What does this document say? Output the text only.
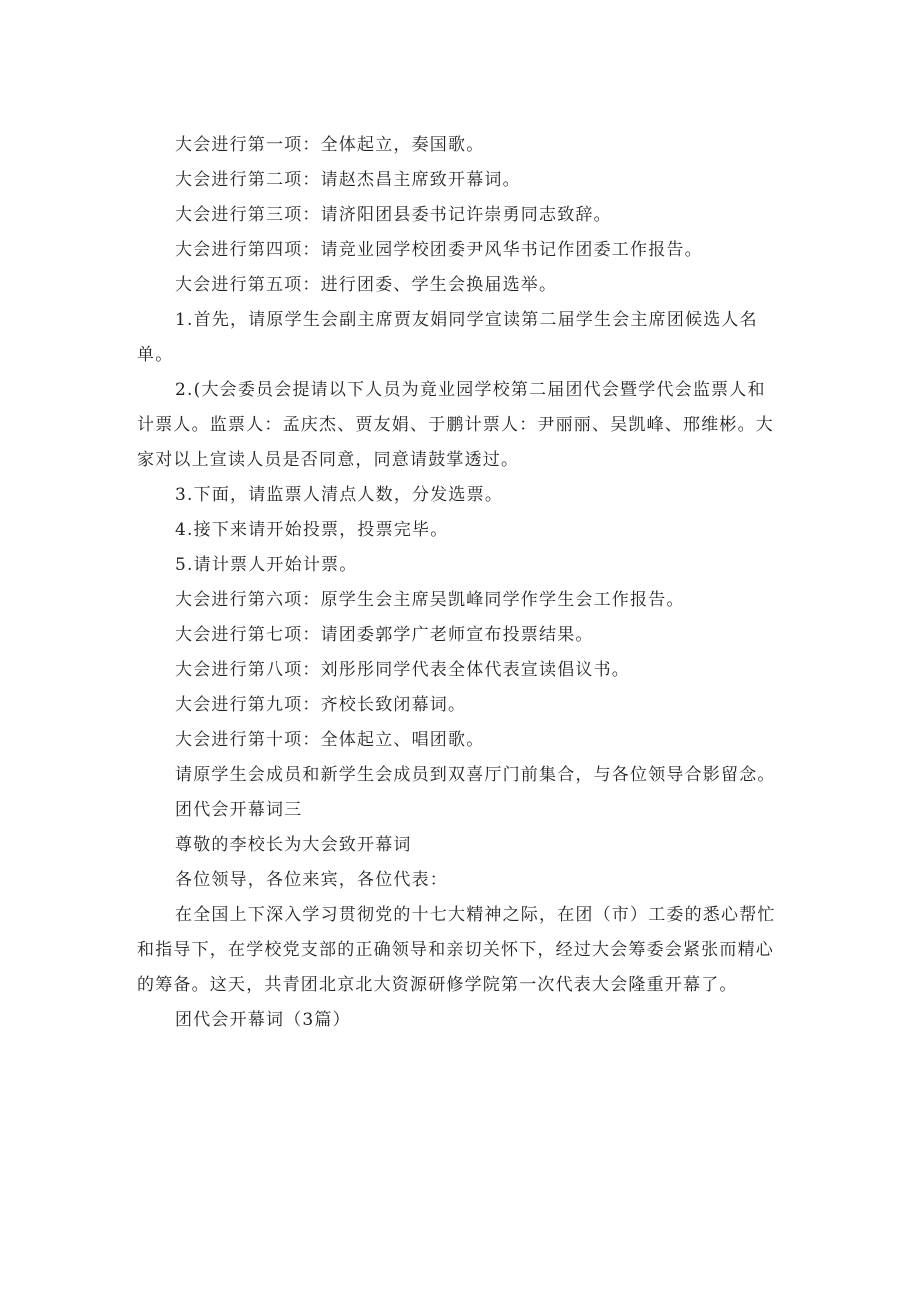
大会进行第一项：全体起立，奏国歌。

大会进行第二项：请赵杰昌主席致开幕词。

大会进行第三项：请济阳团县委书记许崇勇同志致辞。

大会进行第四项：请竞业园学校团委尹风华书记作团委工作报告。

大会进行第五项：进行团委、学生会换届选举。

1.首先，请原学生会副主席贾友娟同学宣读第二届学生会主席团候选人名单。

2.(大会委员会提请以下人员为竟业园学校第二届团代会暨学代会监票人和计票人。监票人：孟庆杰、贾友娟、于鹏计票人：尹丽丽、吴凯峰、邢维彬。大家对以上宣读人员是否同意，同意请鼓掌透过。

3.下面，请监票人清点人数，分发选票。

4.接下来请开始投票，投票完毕。

5.请计票人开始计票。

大会进行第六项：原学生会主席吴凯峰同学作学生会工作报告。

大会进行第七项：请团委郭学广老师宣布投票结果。

大会进行第八项：刘彤彤同学代表全体代表宣读倡议书。

大会进行第九项：齐校长致闭幕词。

大会进行第十项：全体起立、唱团歌。

请原学生会成员和新学生会成员到双喜厅门前集合，与各位领导合影留念。

团代会开幕词三

尊敬的李校长为大会致开幕词

各位领导，各位来宾，各位代表：

在全国上下深入学习贯彻党的十七大精神之际，在团（市）工委的悉心帮忙和指导下，在学校党支部的正确领导和亲切关怀下，经过大会筹委会紧张而精心的筹备。这天，共青团北京北大资源研修学院第一次代表大会隆重开幕了。

团代会开幕词（3篇）
